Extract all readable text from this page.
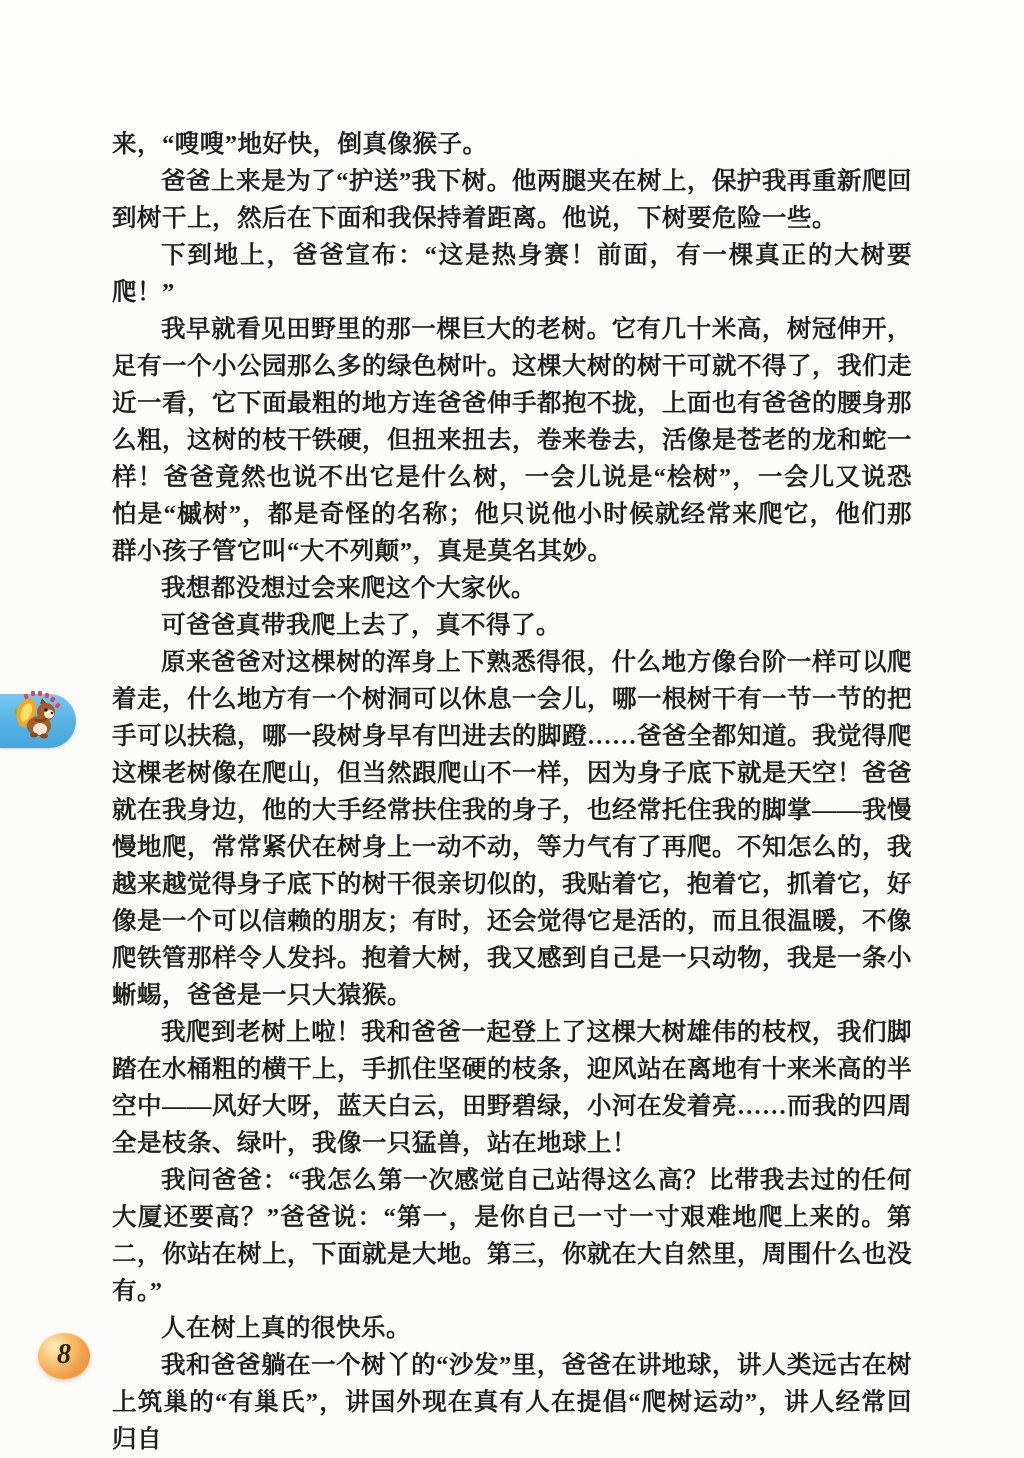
来，“嗖嗖”地好快，倒真像猴子。

爸爸上来是为了“护送”我下树。他两腿夹在树上，保护我再重新爬回到树干上，然后在下面和我保持着距离。他说，下树要危险一些。

下到地上，爸爸宣布：“这是热身赛！前面，有一棵真正的大树要爬！”

我早就看见田野里的那一棵巨大的老树。它有几十米高，树冠伸开，足有一个小公园那么多的绿色树叶。这棵大树的树干可就不得了，我们走近一看，它下面最粗的地方连爸爸伸手都抱不拢，上面也有爸爸的腰身那么粗，这树的枝干铁硬，但扭来扭去，卷来卷去，活像是苍老的龙和蛇一样！爸爸竟然也说不出它是什么树，一会儿说是“桧树”，一会儿又说恐怕是“槭树”，都是奇怪的名称；他只说他小时候就经常来爬它，他们那群小孩子管它叫“大不列颠”，真是莫名其妙。

我想都没想过会来爬这个大家伙。

可爸爸真带我爬上去了，真不得了。

原来爸爸对这棵树的浑身上下熟悉得很，什么地方像台阶一样可以爬着走，什么地方有一个树洞可以休息一会儿，哪一根树干有一节一节的把手可以扶稳，哪一段树身早有凹进去的脚蹬……爸爸全都知道。我觉得爬这棵老树像在爬山，但当然跟爬山不一样，因为身子底下就是天空！爸爸就在我身边，他的大手经常扶住我的身子，也经常托住我的脚掌——我慢慢地爬，常常紧伏在树身上一动不动，等力气有了再爬。不知怎么的，我越来越觉得身子底下的树干很亲切似的，我贴着它，抱着它，抓着它，好像是一个可以信赖的朋友；有时，还会觉得它是活的，而且很温暖，不像爬铁管那样令人发抖。抱着大树，我又感到自己是一只动物，我是一条小蜥蜴，爸爸是一只大猿猴。

我爬到老树上啦！我和爸爸一起登上了这棵大树雄伟的枝杈，我们脚踏在水桶粗的横干上，手抓住坚硬的枝条，迎风站在离地有十来米高的半空中——风好大呀，蓝天白云，田野碧绿，小河在发着亮……而我的四周全是枝条、绿叶，我像一只猛兽，站在地球上！

我问爸爸：“我怎么第一次感觉自己站得这么高？比带我去过的任何大厦还要高？”爸爸说：“第一，是你自己一寸一寸艰难地爬上来的。第二，你站在树上，下面就是大地。第三，你就在大自然里，周围什么也没有。”

人在树上真的很快乐。

我和爸爸躺在一个树丫的“沙发”里，爸爸在讲地球，讲人类远古在树上筑巢的“有巢氏”，讲国外现在真有人在提倡“爬树运动”，讲人经常回归自

8
